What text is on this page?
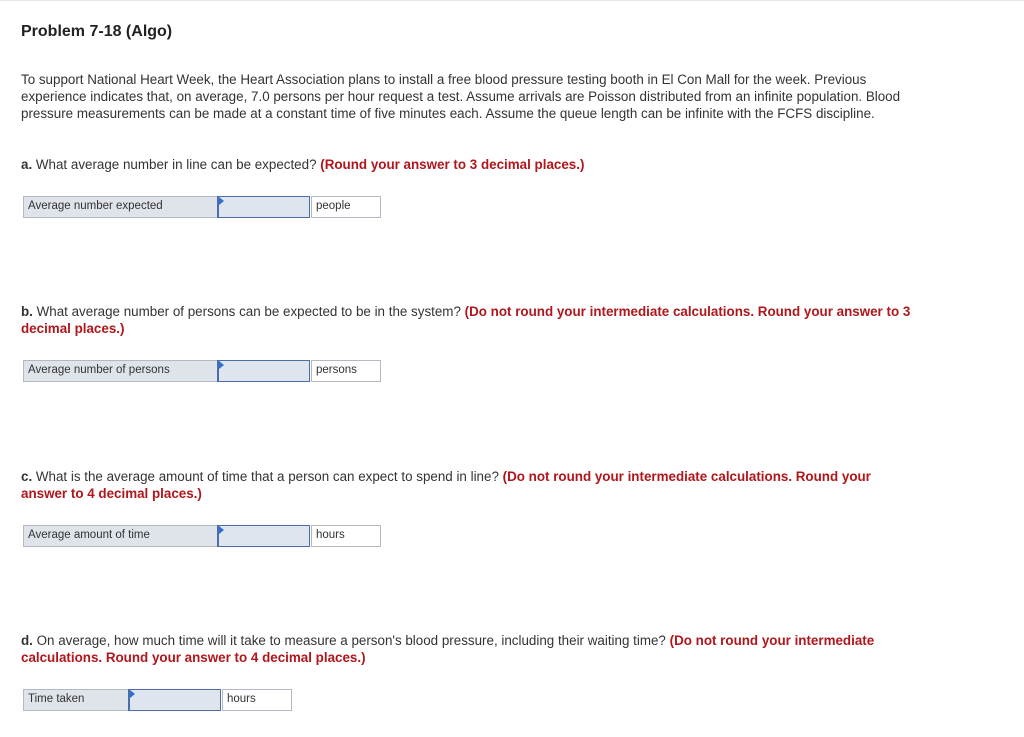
Problem 7-18 (Algo)

To support National Heart Week, the Heart Association plans to install a free blood pressure testing booth in El Con Mall for the week. Previous experience indicates that, on average, 7.0 persons per hour request a test. Assume arrivals are Poisson distributed from an infinite population. Blood pressure measurements can be made at a constant time of five minutes each. Assume the queue length can be infinite with the FCFS discipline.

a. What average number in line can be expected? (Round your answer to 3 decimal places.)

Average number expected	people

b. What average number of persons can be expected to be in the system? (Do not round your intermediate calculations. Round your answer to 3 decimal places.)

Average number of persons	persons

c. What is the average amount of time that a person can expect to spend in line? (Do not round your intermediate calculations. Round your answer to 4 decimal places.)

Average amount of time	hours

d. On average, how much time will it take to measure a person's blood pressure, including their waiting time? (Do not round your intermediate calculations. Round your answer to 4 decimal places.)

Time taken	hours
